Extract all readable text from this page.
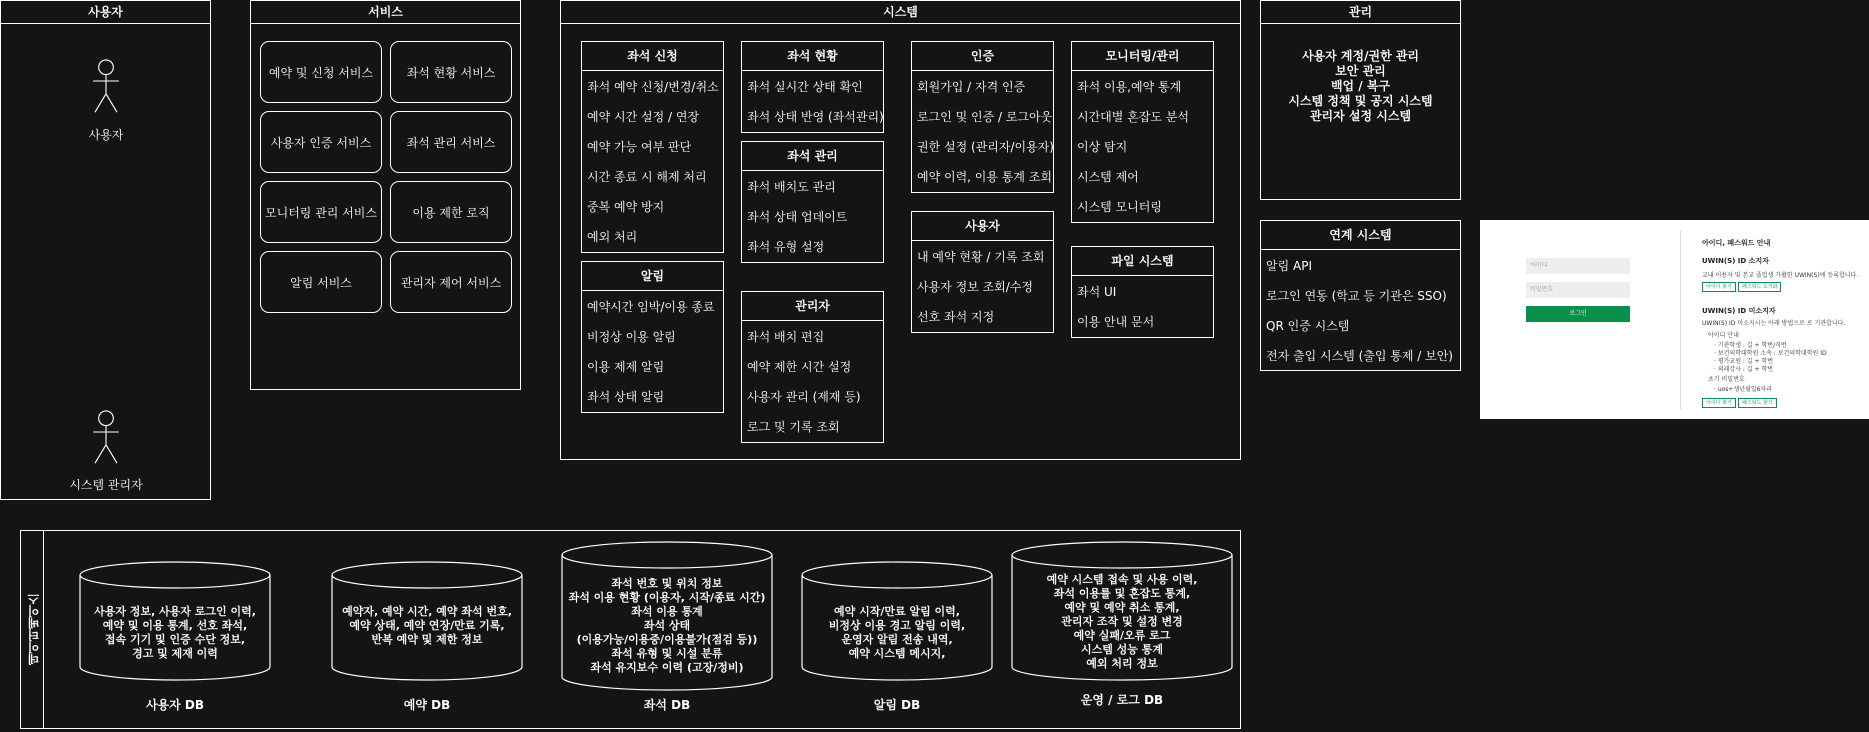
사용자
사용자
시스템 관리자
서비스
예약 및 신청 서비스	좌석 현황 서비스
사용자 인증 서비스	좌석 관리 서비스
모니터링 관리 서비스	이용 제한 로직
알림 서비스	관리자 제어 서비스
시스템
좌석 신청
좌석 예약 신청/변경/취소
예약 시간 설정 / 연장
예약 가능 여부 판단
시간 종료 시 해제 처리
중복 예약 방지
예외 처리
알림
예약시간 임박/이용 종료
비정상 이용 알림
이용 제제 알림
좌석 상태 알림
좌석 현황
좌석 실시간 상태 확인
좌석 상태 반영 (좌석관리)
좌석 관리
좌석 배치도 관리
좌석 상태 업데이트
좌석 유형 설정
관리자
좌석 배치 편집
예약 제한 시간 설정
사용자 관리 (제재 등)
로그 및 기록 조회
인증
회원가입 / 자격 인증
로그인 및 인증 / 로그아웃
권한 설정 (관리자/이용자)
예약 이력, 이용 통계 조회
사용자
내 예약 현황 / 기록 조회
사용자 정보 조회/수정
선호 좌석 지정
모니터링/관리
좌석 이용,예약 통계
시간대별 혼잡도 분석
이상 탐지
시스템 제어
시스템 모니터링
파일 시스템
좌석 UI
이용 안내 문서
관리
사용자 계정/권한 관리
보안 관리
백업 / 복구
시스템 정책 및 공지 시스템
관리자 설정 시스템
연계 시스템
알림 API
로그인 연동 (학교 등 기관은 SSO)
QR 인증 시스템
전자 출입 시스템 (출입 통제 / 보안)
아이디
비밀번호
로그인
아이디, 패스워드 안내
UWIN(S) ID 소지자
교내 이용자 및 본교 졸업생 가활한 UWIN(S)에 등록합니다.
아이디 찾기	패스워드 초기화
UWIN(S) ID 미소지자
UWIN(S) ID 미소지시는 아래 방법으로 로 기관합니다.
아이디 안내
· 기관학생 : 길 + 학번/직번
· 보건의학대학원 소속 : 보건의학대학원 ID
· 평가교원 : 길 + 학번
· 외래강사 : 길 + 학번
초기 비밀번호
· uos+생년월일6자리
아이디 찾기	패스워드 찾기
데이터베이스	사용자 정보, 사용자 로그인 이력,
예약 및 이용 통계, 선호 좌석,
접속 기기 및 인증 수단 정보,
경고 및 제재 이력
사용자 DB
예약자, 예약 시간, 예약 좌석 번호,
예약 상태, 예약 연장/만료 기록,
반복 예약 및 제한 정보
예약 DB
좌석 번호 및 위치 정보
좌석 이용 현황 (이용자, 시작/종료 시간)
좌석 이용 통계
좌석 상태
(이용가능/이용중/이용불가(점검 등))
좌석 유형 및 시설 분류
좌석 유지보수 이력 (고장/정비)
좌석 DB
예약 시작/만료 알림 이력,
비정상 이용 경고 알림 이력,
운영자 알림 전송 내역,
예약 시스템 메시지,
알림 DB
예약 시스템 접속 및 사용 이력,
좌석 이용률 및 혼잡도 통계,
예약 및 예약 취소 통계,
관리자 조작 및 설정 변경
예약 실패/오류 로그
시스템 성능 통계
예외 처리 정보
운영 / 로그 DB
